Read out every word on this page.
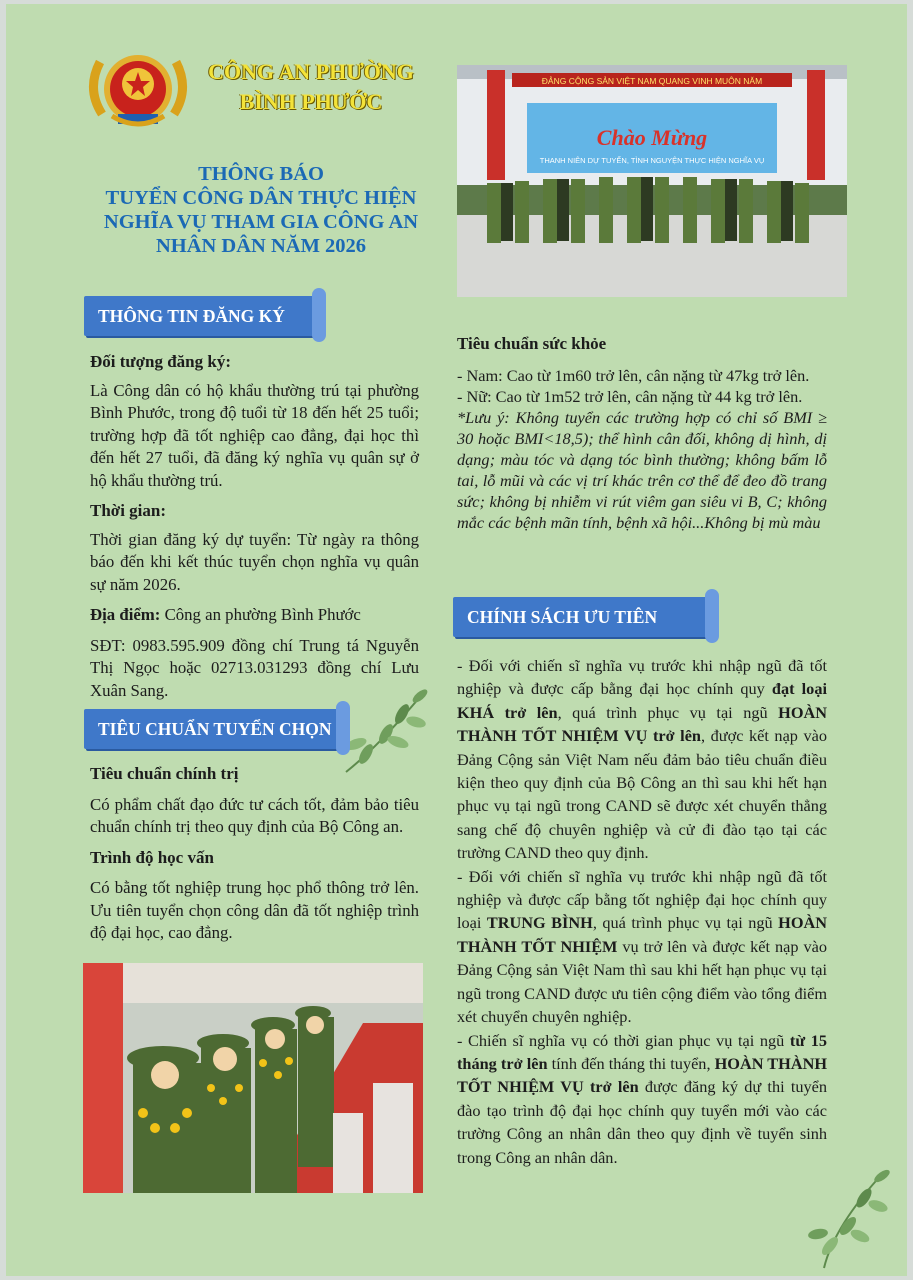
CÔNG AN PHƯỜNG
BÌNH PHƯỚC
THÔNG BÁO
TUYỂN CÔNG DÂN THỰC HIỆN
NGHĨA VỤ THAM GIA CÔNG AN
NHÂN DÂN NĂM 2026
ĐẢNG CỘNG SẢN VIỆT NAM QUANG VINH MUÔN NĂM
Chào Mừng
THANH NIÊN DỰ TUYỂN, TÌNH NGUYỆN THỰC HIỆN NGHĨA VỤ
THÔNG TIN ĐĂNG KÝ

Đối tượng đăng ký:

Là Công dân có hộ khẩu thường trú tại phường Bình Phước, trong độ tuổi từ 18 đến hết 25 tuổi; trường hợp đã tốt nghiệp cao đẳng, đại học thì đến hết 27 tuổi, đã đăng ký nghĩa vụ quân sự ở hộ khẩu thường trú.

Thời gian:

Thời gian đăng ký dự tuyển: Từ ngày ra thông báo đến khi kết thúc tuyển chọn nghĩa vụ quân sự năm 2026.

Địa điểm: Công an phường Bình Phước

SĐT: 0983.595.909 đồng chí Trung tá Nguyễn Thị Ngọc hoặc 02713.031293 đồng chí Lưu Xuân Sang.

TIÊU CHUẨN TUYỂN CHỌN

Tiêu chuẩn chính trị

Có phẩm chất đạo đức tư cách tốt, đảm bảo tiêu chuẩn chính trị theo quy định của Bộ Công an.

Trình độ học vấn

Có bằng tốt nghiệp trung học phổ thông trở lên. Ưu tiên tuyển chọn công dân đã tốt nghiệp trình độ đại học, cao đẳng.

Tiêu chuẩn sức khỏe

- Nam: Cao từ 1m60 trở lên, cân nặng từ 47kg trở lên.

- Nữ: Cao từ 1m52 trở lên, cân nặng từ 44 kg trở lên.

*Lưu ý: Không tuyển các trường hợp có chỉ số BMI ≥ 30 hoặc BMI<18,5); thể hình cân đối, không dị hình, dị dạng; màu tóc và dạng tóc bình thường; không bấm lỗ tai, lỗ mũi và các vị trí khác trên cơ thể để đeo đồ trang sức; không bị nhiễm vi rút viêm gan siêu vi B, C; không mắc các bệnh mãn tính, bệnh xã hội...Không bị mù màu

CHÍNH SÁCH ƯU TIÊN

- Đối với chiến sĩ nghĩa vụ trước khi nhập ngũ đã tốt nghiệp và được cấp bằng đại học chính quy đạt loại KHÁ trở lên, quá trình phục vụ tại ngũ HOÀN THÀNH TỐT NHIỆM VỤ trở lên, được kết nạp vào Đảng Cộng sản Việt Nam nếu đảm bảo tiêu chuẩn điều kiện theo quy định của Bộ Công an thì sau khi hết hạn phục vụ tại ngũ trong CAND sẽ được xét chuyển thẳng sang chế độ chuyên nghiệp và cử đi đào tạo tại các trường CAND theo quy định.

- Đối với chiến sĩ nghĩa vụ trước khi nhập ngũ đã tốt nghiệp và được cấp bằng tốt nghiệp đại học chính quy loại TRUNG BÌNH, quá trình phục vụ tại ngũ HOÀN THÀNH TỐT NHIỆM vụ trở lên và được kết nạp vào Đảng Cộng sản Việt Nam thì sau khi hết hạn phục vụ tại ngũ trong CAND được ưu tiên cộng điểm vào tổng điểm xét chuyển chuyên nghiệp.

- Chiến sĩ nghĩa vụ có thời gian phục vụ tại ngũ từ 15 tháng trở lên tính đến tháng thi tuyển, HOÀN THÀNH TỐT NHIỆM VỤ trở lên được đăng ký dự thi tuyển đào tạo trình độ đại học chính quy tuyển mới vào các trường Công an nhân dân theo quy định về tuyển sinh trong Công an nhân dân.
